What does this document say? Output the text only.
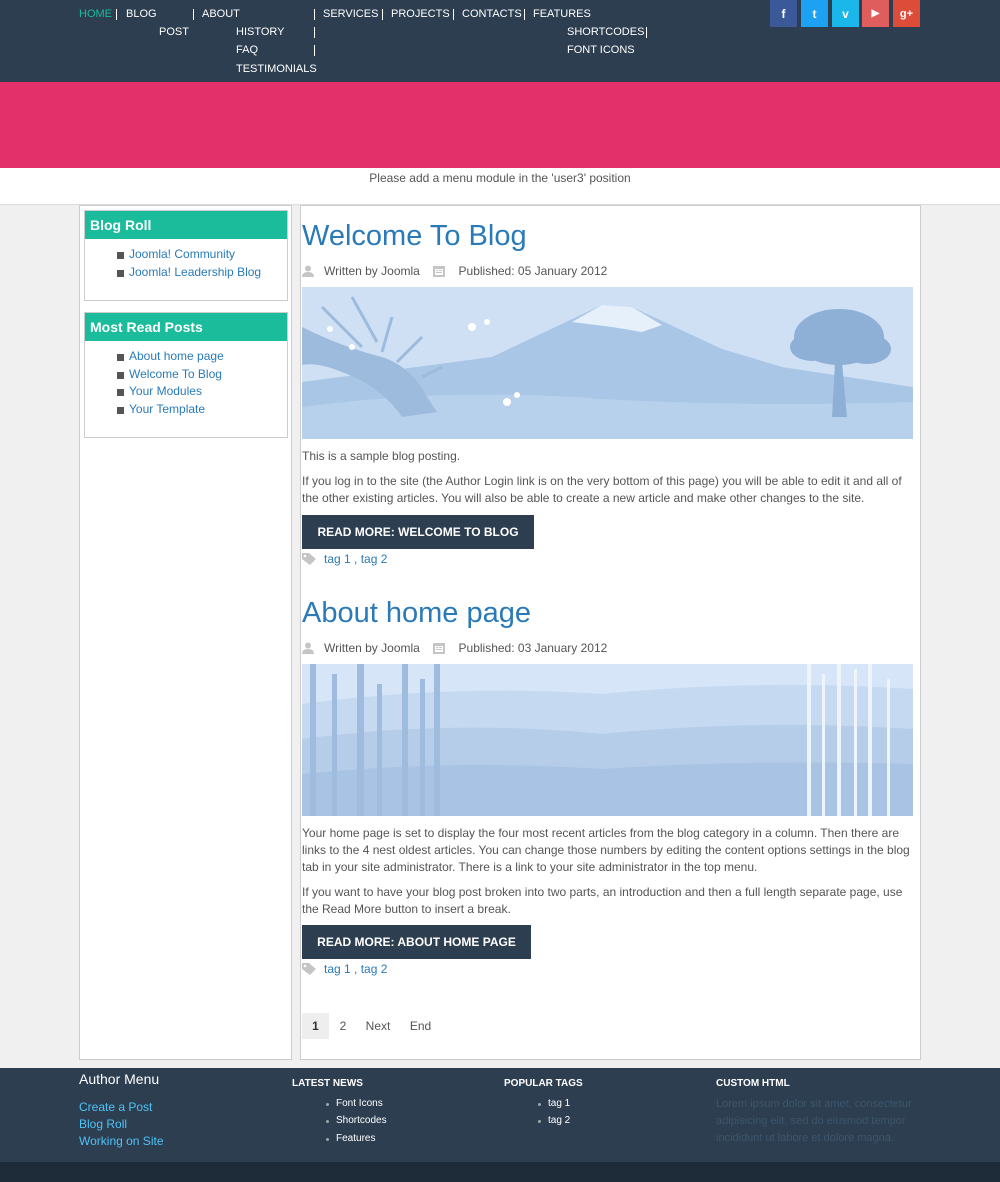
HOME BLOG
POST
ABOUT
HISTORY
FAQ
TESTIMONIALS
SERVICES PROJECTS CONTACTS FEATURES
SHORTCODES
FONT ICONS
f	t	v	▶	g+
Please add a menu module in the 'user3' position
Blog Roll
Joomla! Community
Joomla! Leadership Blog
Most Read Posts
About home page
Welcome To Blog
Your Modules
Your Template
Welcome To Blog
Written by Joomla	Published: 05 January 2012

This is a sample blog posting.

If you log in to the site (the Author Login link is on the very bottom of this page) you will be able to edit it and all of the other existing articles. You will also be able to create a new article and make other changes to the site.

READ MORE: WELCOME TO BLOG
tag 1 , tag 2
About home page
Written by Joomla	Published: 03 January 2012

Your home page is set to display the four most recent articles from the blog category in a column. Then there are links to the 4 nest oldest articles. You can change those numbers by editing the content options settings in the blog tab in your site administrator. There is a link to your site administrator in the top menu.

If you want to have your blog post broken into two parts, an introduction and then a full length separate page, use the Read More button to insert a break.

READ MORE: ABOUT HOME PAGE
tag 1 , tag 2
1	2	Next	End
Author Menu
Create a Post
Blog Roll
Working on Site
LATEST NEWS
Font Icons
Shortcodes
Features
POPULAR TAGS
tag 1
tag 2
CUSTOM HTML
Lorem ipsum dolor sit amet, consectetur adipisicing elit, sed do eiusmod tempor incididunt ut labore et dolore magna.
